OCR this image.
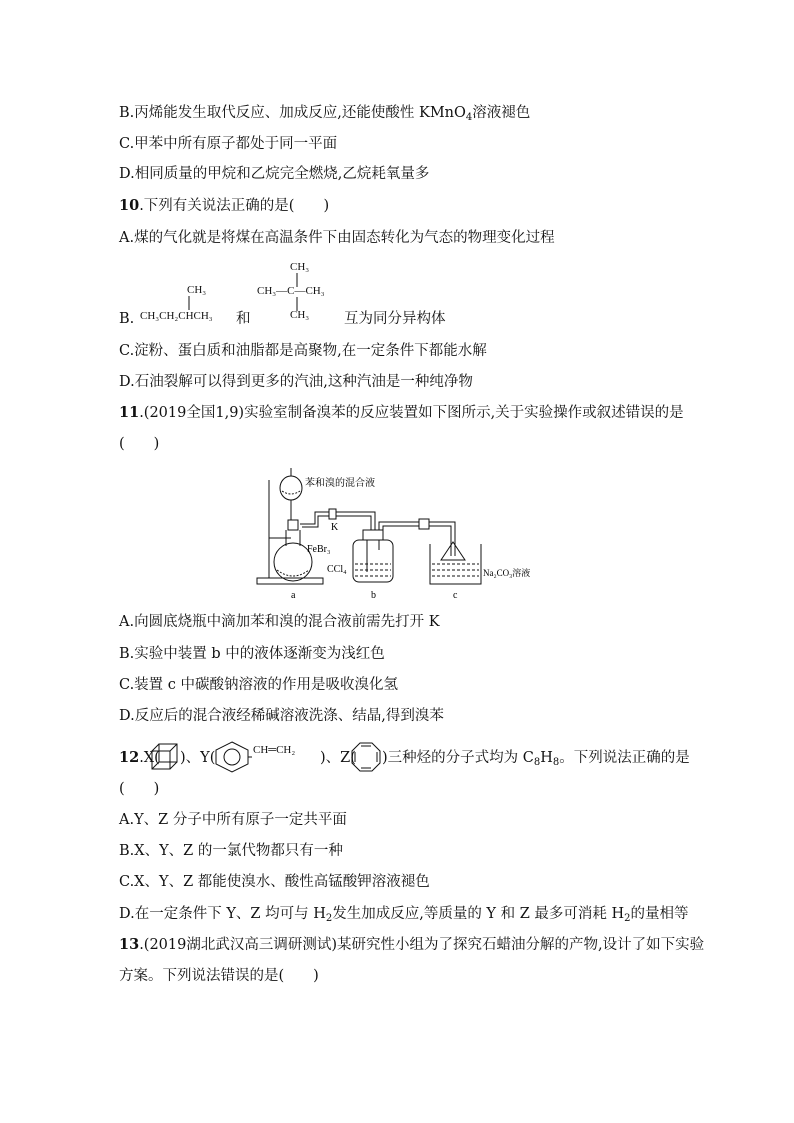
B.丙烯能发生取代反应、加成反应,还能使酸性 KMnO$_4$溶液褪色
C.甲苯中所有原子都处于同一平面
D.相同质量的甲烷和乙烷完全燃烧,乙烷耗氧量多
10.下列有关说法正确的是(　　)
A.煤的气化就是将煤在高温条件下由固态转化为气态的物理变化过程
B.
CH₃
CH₃CH₂CHCH₃ 和
CH₃
CH₃—C—CH₃
CH₃ 互为同分异构体
C.淀粉、蛋白质和油脂都是高聚物,在一定条件下都能水解
D.石油裂解可以得到更多的汽油,这种汽油是一种纯净物
11.(2019全国1,9)实验室制备溴苯的反应装置如下图所示,关于实验操作或叙述错误的是
(　　)
苯和溴的混合液
K
FeBr₃
CCl₄	Na₂CO₃溶液
a	b	c
A.向圆底烧瓶中滴加苯和溴的混合液前需先打开 K
B.实验中装置 b 中的液体逐渐变为浅红色
C.装置 c 中碳酸钠溶液的作用是吸收溴化氢
D.反应后的混合液经稀碱溶液洗涤、结晶,得到溴苯
12.X( )、Y(	CH═CH₂ )、Z( )三种烃的分子式均为 $C_8H_8$。下列说法正确的是
(　　)
A.Y、Z 分子中所有原子一定共平面
B.X、Y、Z 的一氯代物都只有一种
C.X、Y、Z 都能使溴水、酸性高锰酸钾溶液褪色
D.在一定条件下 Y、Z 均可与 $H_2$发生加成反应,等质量的 Y 和 Z 最多可消耗 $H_2$的量相等
13.(2019湖北武汉高三调研测试)某研究性小组为了探究石蜡油分解的产物,设计了如下实验
方案。下列说法错误的是(　　)
